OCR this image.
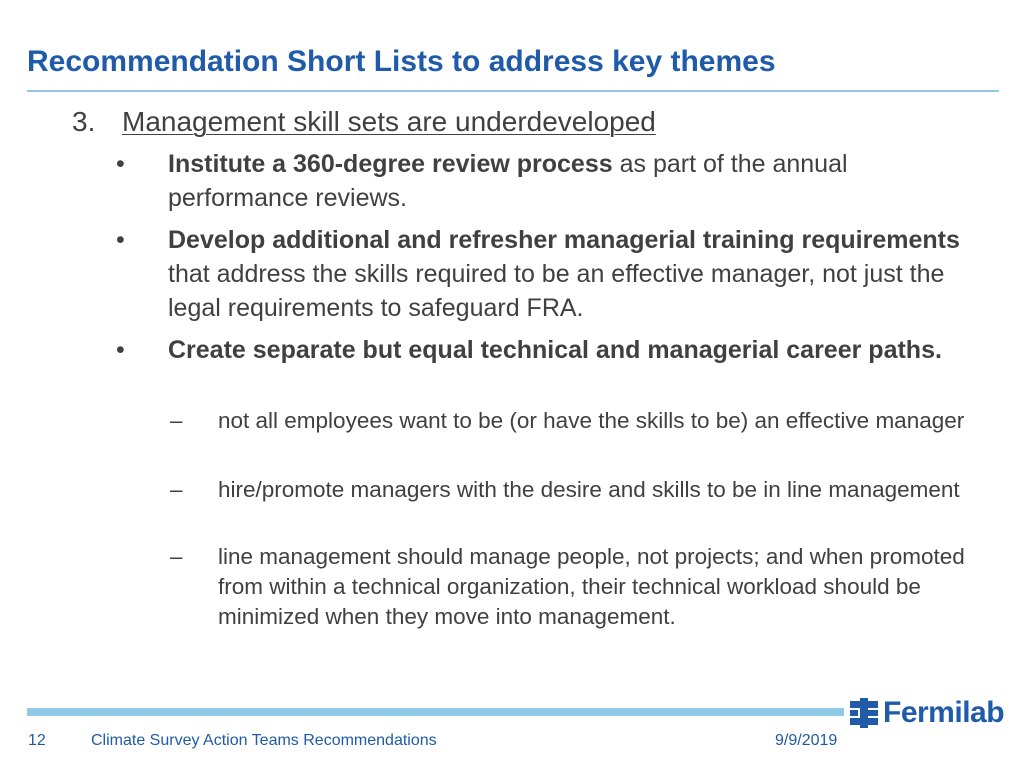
Recommendation Short Lists to address key themes
3. Management skill sets are underdeveloped
•	Institute a 360-degree review process as part of the annual performance reviews.
•	Develop additional and refresher managerial training requirements that address the skills required to be an effective manager, not just the legal requirements to safeguard FRA.
•	Create separate but equal technical and managerial career paths.
–	not all employees want to be (or have the skills to be) an effective manager
–	hire/promote managers with the desire and skills to be in line management
–	line management should manage people, not projects; and when promoted from within a technical organization, their technical workload should be minimized when they move into management.
Fermilab
12	Climate Survey Action Teams Recommendations	9/9/2019
